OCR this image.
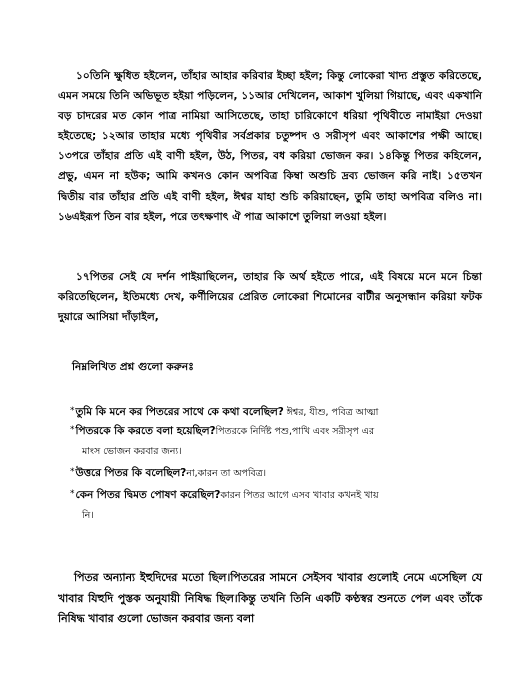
১০তিনি ক্ষুধিত হইলেন, তাঁহার আহার করিবার ইচ্ছা হইল; কিন্তু লোকেরা খাদ্য প্রস্তুত করিতেছে, এমন সময়ে তিনি অভিভূত হইয়া পড়িলেন, ১১আর দেখিলেন, আকাশ খুলিয়া গিয়াছে, এবং একখানি বড় চাদরের মত কোন পাত্র নামিয়া আসিতেছে, তাহা চারিকোণে ধরিয়া পৃথিবীতে নামাইয়া দেওয়া হইতেছে; ১২আর তাহার মধ্যে পৃথিবীর সর্বপ্রকার চতুষ্পদ ও সরীসৃপ এবং আকাশের পক্ষী আছে। ১৩পরে তাঁহার প্রতি এই বাণী হইল, উঠ, পিতর, বধ করিয়া ভোজন কর। ১৪কিন্তু পিতর কহিলেন, প্রভু, এমন না হউক; আমি কখনও কোন অপবিত্র কিম্বা অশুচি দ্রব্য ভোজন করি নাই। ১৫তখন দ্বিতীয় বার তাঁহার প্রতি এই বাণী হইল, ঈশ্বর যাহা শুচি করিয়াছেন, তুমি তাহা অপবিত্র বলিও না। ১৬এইরূপ তিন বার হইল, পরে তৎক্ষণাৎ ঐ পাত্র আকাশে তুলিয়া লওয়া হইল।
১৭পিতর সেই যে দর্শন পাইয়াছিলেন, তাহার কি অর্থ হইতে পারে, এই বিষয়ে মনে মনে চিন্তা করিতেছিলেন, ইতিমধ্যে দেখ, কর্ণীলিয়ের প্রেরিত লোকেরা শিমোনের বাটীর অনুসন্ধান করিয়া ফটক দুয়ারে আসিয়া দাঁড়াইল,
নিম্নলিখিত প্রশ্ন গুলো করুনঃ
*তুমি কি মনে কর পিতরের সাথে কে কথা বলেছিল? ঈশ্বর, যীশু, পবিত্র আত্মা
*পিতরকে কি করতে বলা হয়েছিল?পিতরকে নির্দিষ্ট পশু,পাখি এবং সরীসৃপ এর
মাংস ভোজন করবার জন্য।
*উত্তরে পিতর কি বলেছিল?না,কারন তা অপবিত্র।
*কেন পিতর দ্বিমত পোষণ করেছিল?কারন পিতর আগে এসব খাবার কখনই খায়
নি।
পিতর অন্যান্য ইহুদিদের মতো ছিল।পিতরের সামনে সেইসব খাবার গুলোই নেমে এসেছিল যে খাবার যিহুদি পুস্তক অনুযায়ী নিষিদ্ধ ছিল।কিন্তু তখনি তিনি একটি কণ্ঠস্বর শুনতে পেল এবং তাঁকে নিষিদ্ধ খাবার গুলো ভোজন করবার জন্য বলা
